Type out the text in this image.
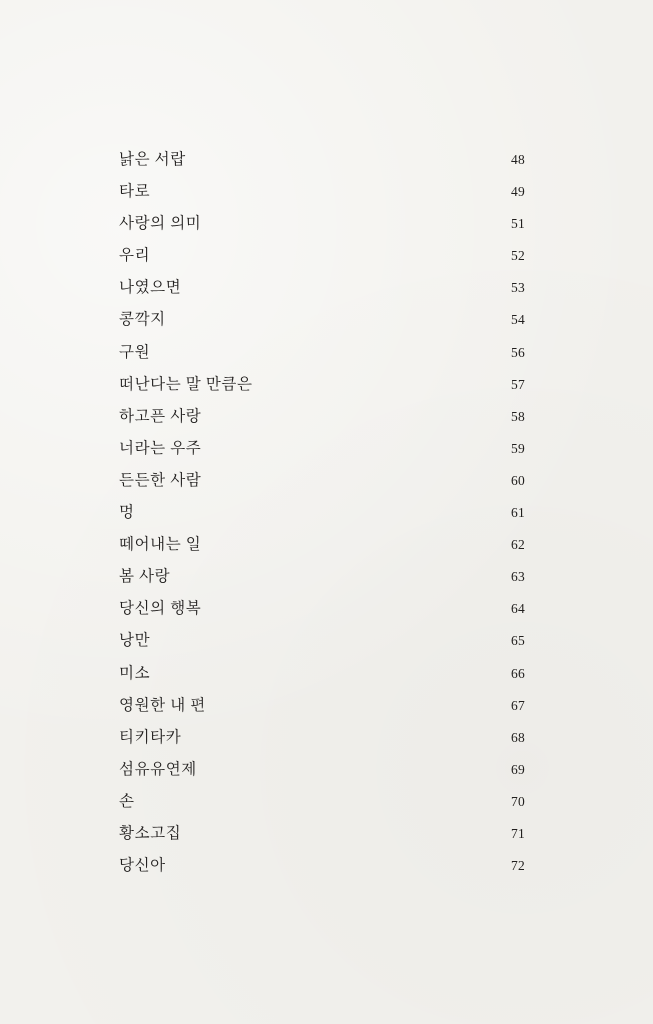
낡은 서랍	48
타로	49
사랑의 의미	51
우리	52
나였으면	53
콩깍지	54
구원	56
떠난다는 말 만큼은	57
하고픈 사랑	58
너라는 우주	59
든든한 사람	60
멍	61
떼어내는 일	62
봄 사랑	63
당신의 행복	64
낭만	65
미소	66
영원한 내 편	67
티키타카	68
섬유유연제	69
손	70
황소고집	71
당신아	72
